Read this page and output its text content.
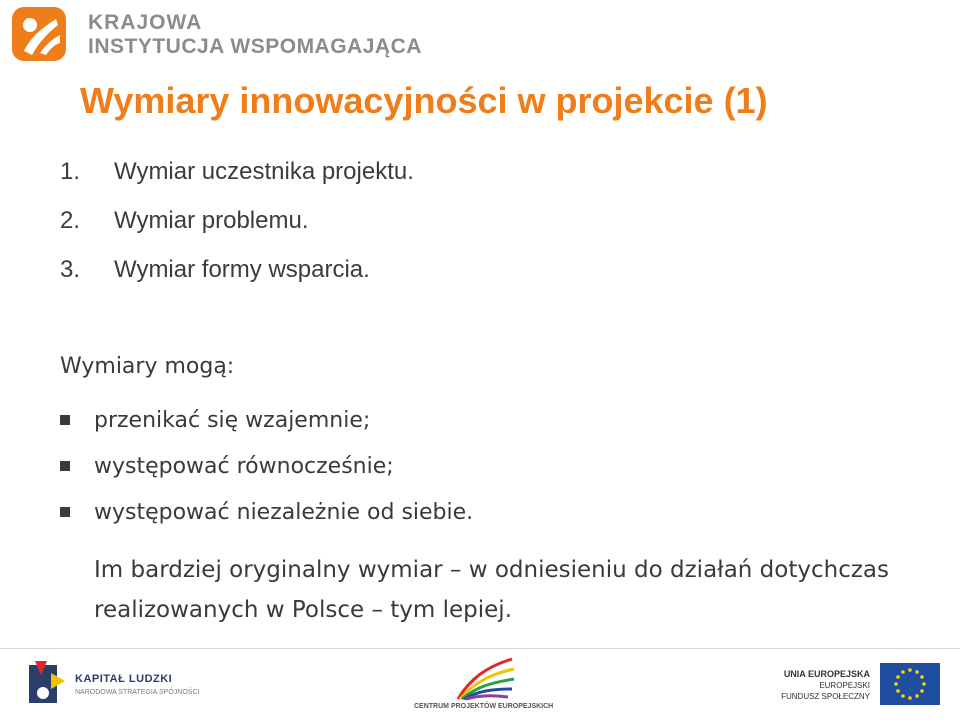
KRAJOWA
INSTYTUCJA WSPOMAGAJĄCA
Wymiary innowacyjności w projekcie (1)
1. Wymiar uczestnika projektu.
2. Wymiar problemu.
3. Wymiar formy wsparcia.

Wymiary mogą:

przenikać się wzajemnie;
występować równocześnie;
występować niezależnie od siebie.

Im bardziej oryginalny wymiar – w odniesieniu do działań dotychczas realizowanych w Polsce – tym lepiej.

KAPITAŁ LUDZKI
NARODOWA STRATEGIA SPÓJNOŚCI
CENTRUM PROJEKTÓW EUROPEJSKICH
UNIA EUROPEJSKA
EUROPEJSKI
FUNDUSZ SPOŁECZNY
